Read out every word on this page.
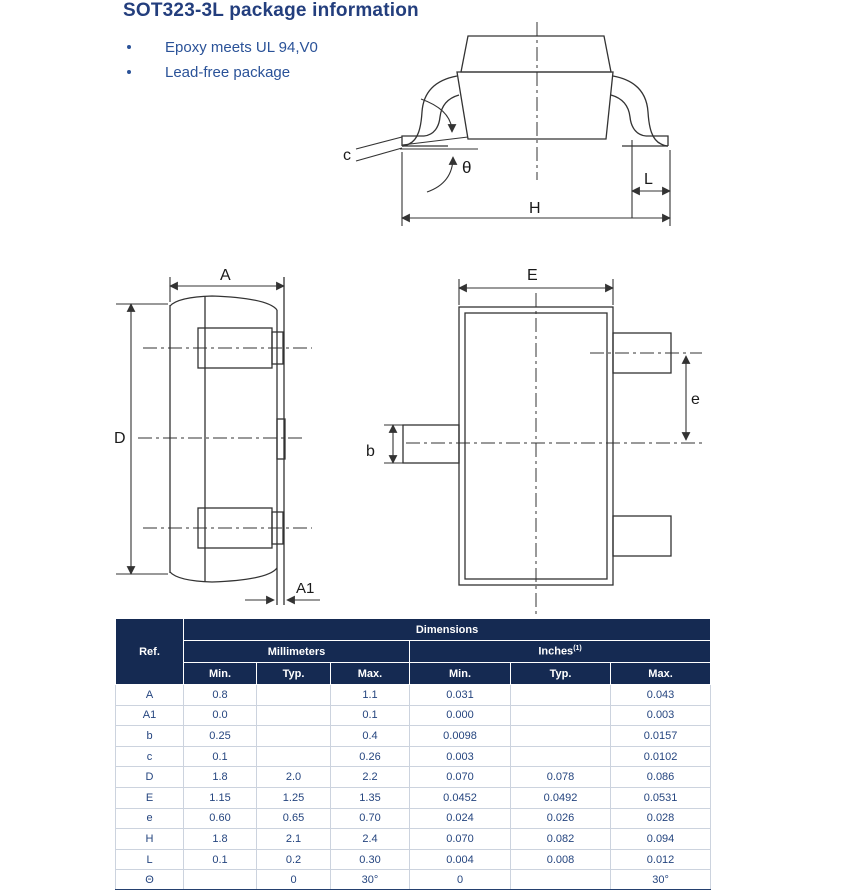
SOT323-3L package information
Epoxy meets UL 94,V0
Lead-free package
c
θ
L
H
A
D
A1
E
b
e
Ref.	Dimensions					
	Millimeters			Inches$^{(1)}$
	Min.	Typ.	Max.	Min.	Typ.	Max.
A	0.8		1.1	0.031		0.043
A1	0.0		0.1	0.000		0.003
b	0.25		0.4	0.0098		0.0157
c	0.1		0.26	0.003		0.0102
D	1.8	2.0	2.2	0.070	0.078	0.086
E	1.15	1.25	1.35	0.0452	0.0492	0.0531
e	0.60	0.65	0.70	0.024	0.026	0.028
H	1.8	2.1	2.4	0.070	0.082	0.094
L	0.1	0.2	0.30	0.004	0.008	0.012
Θ		0	30°	0		30°
